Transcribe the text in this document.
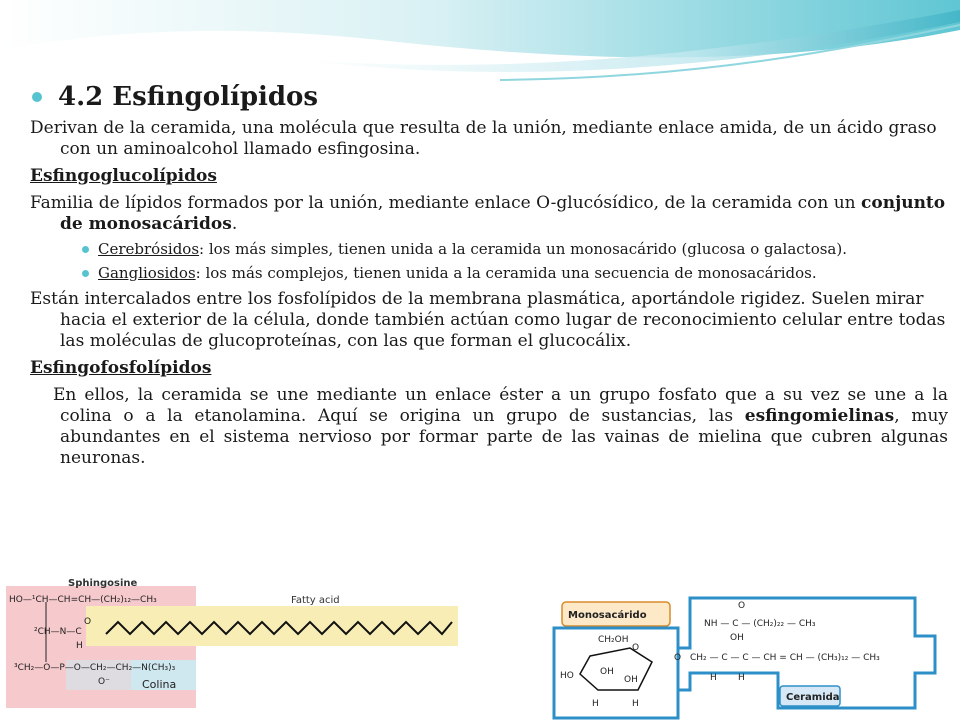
4.2 Esfingolípidos

Derivan de la ceramida, una molécula que resulta de la unión, mediante enlace amida, de un ácido graso con un aminoalcohol llamado esfingosina.

Esfingoglucolípidos

Familia de lípidos formados por la unión, mediante enlace O-glucósídico, de la ceramida con un conjunto de monosacáridos.

Cerebrósidos: los más simples, tienen unida a la ceramida un monosacárido (glucosa o galactosa).

Gangliosidos: los más complejos, tienen unida a la ceramida una secuencia de monosacáridos.

Están intercalados entre los fosfolípidos de la membrana plasmática, aportándole rigidez. Suelen mirar hacia el exterior de la célula, donde también actúan como lugar de reconocimiento celular entre todas las moléculas de glucoproteínas, con las que forman el glucocálix.

Esfingofosfolípidos

En ellos, la ceramida se une mediante un enlace éster a un grupo fosfato que a su vez se une a la colina o a la etanolamina. Aquí se origina un grupo de sustancias, las esfingomielinas, muy abundantes en el sistema nervioso por formar parte de las vainas de mielina que cubren algunas neuronas.

Sphingosine
Fatty acid
HO—¹CH—CH=CH—(CH₂)₁₂—CH₃
²CH—N—C
O
H
³CH₂—O—P—O—CH₂—CH₂—N(CH₃)₃
O⁻	Colina
Monosacárido
Ceramida
CH₂OH
HO	OH
OH
O
H	H
NH — C — (CH₂)₂₂ — CH₃
O
OH
O CH₂ — C — C — CH = CH — (CH₃)₁₂ — CH₃
H H
